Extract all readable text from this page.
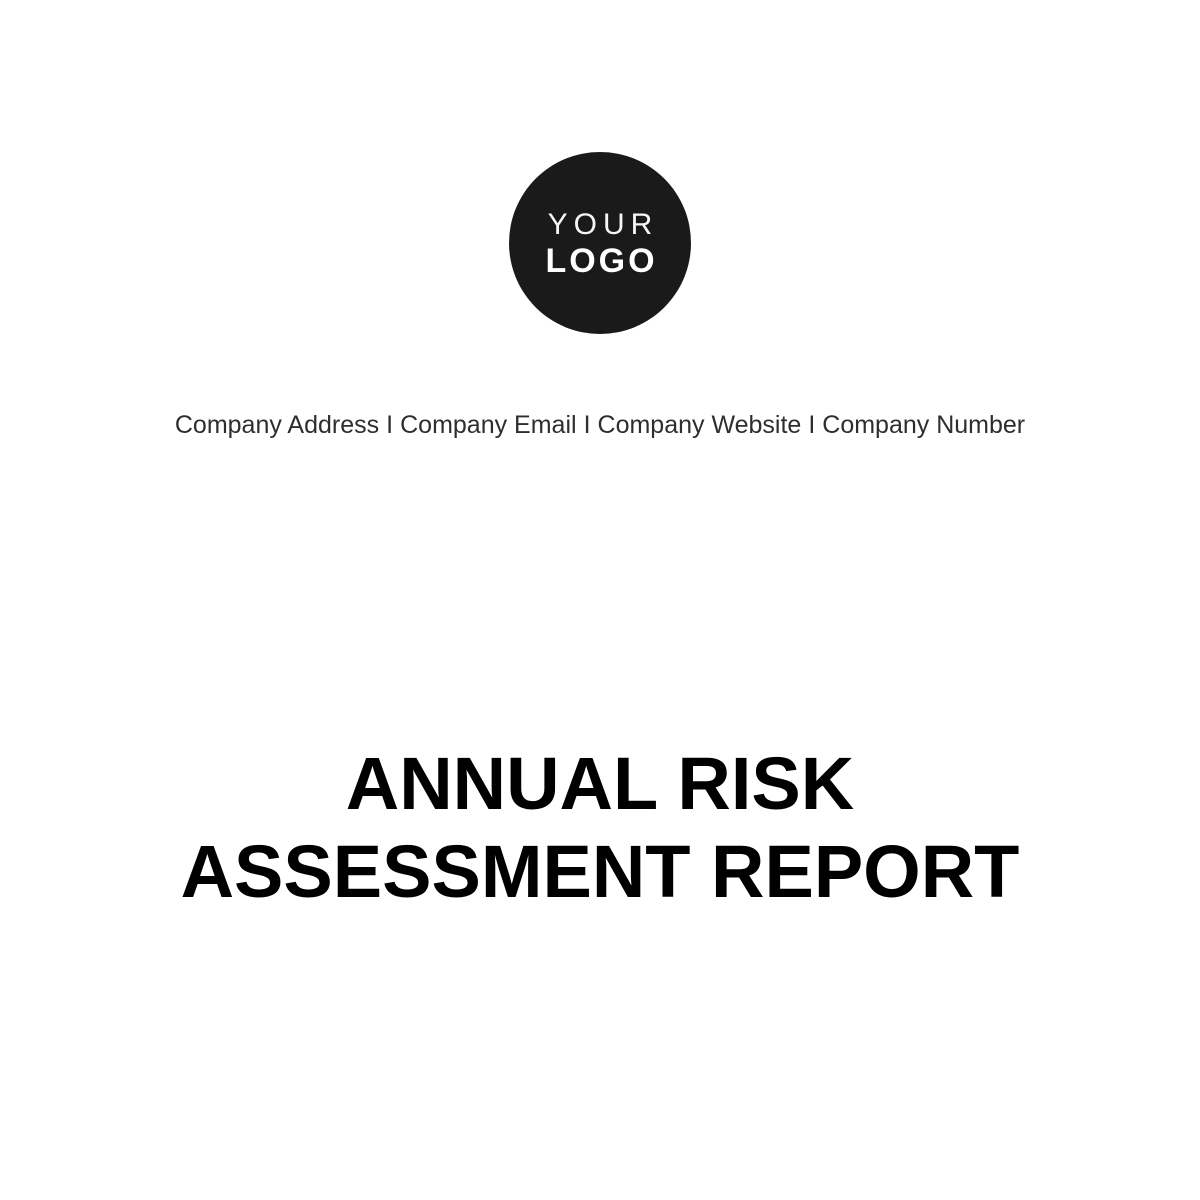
YOUR
LOGO
Company Address I Company Email I Company Website I Company Number
ANNUAL RISK
ASSESSMENT REPORT
